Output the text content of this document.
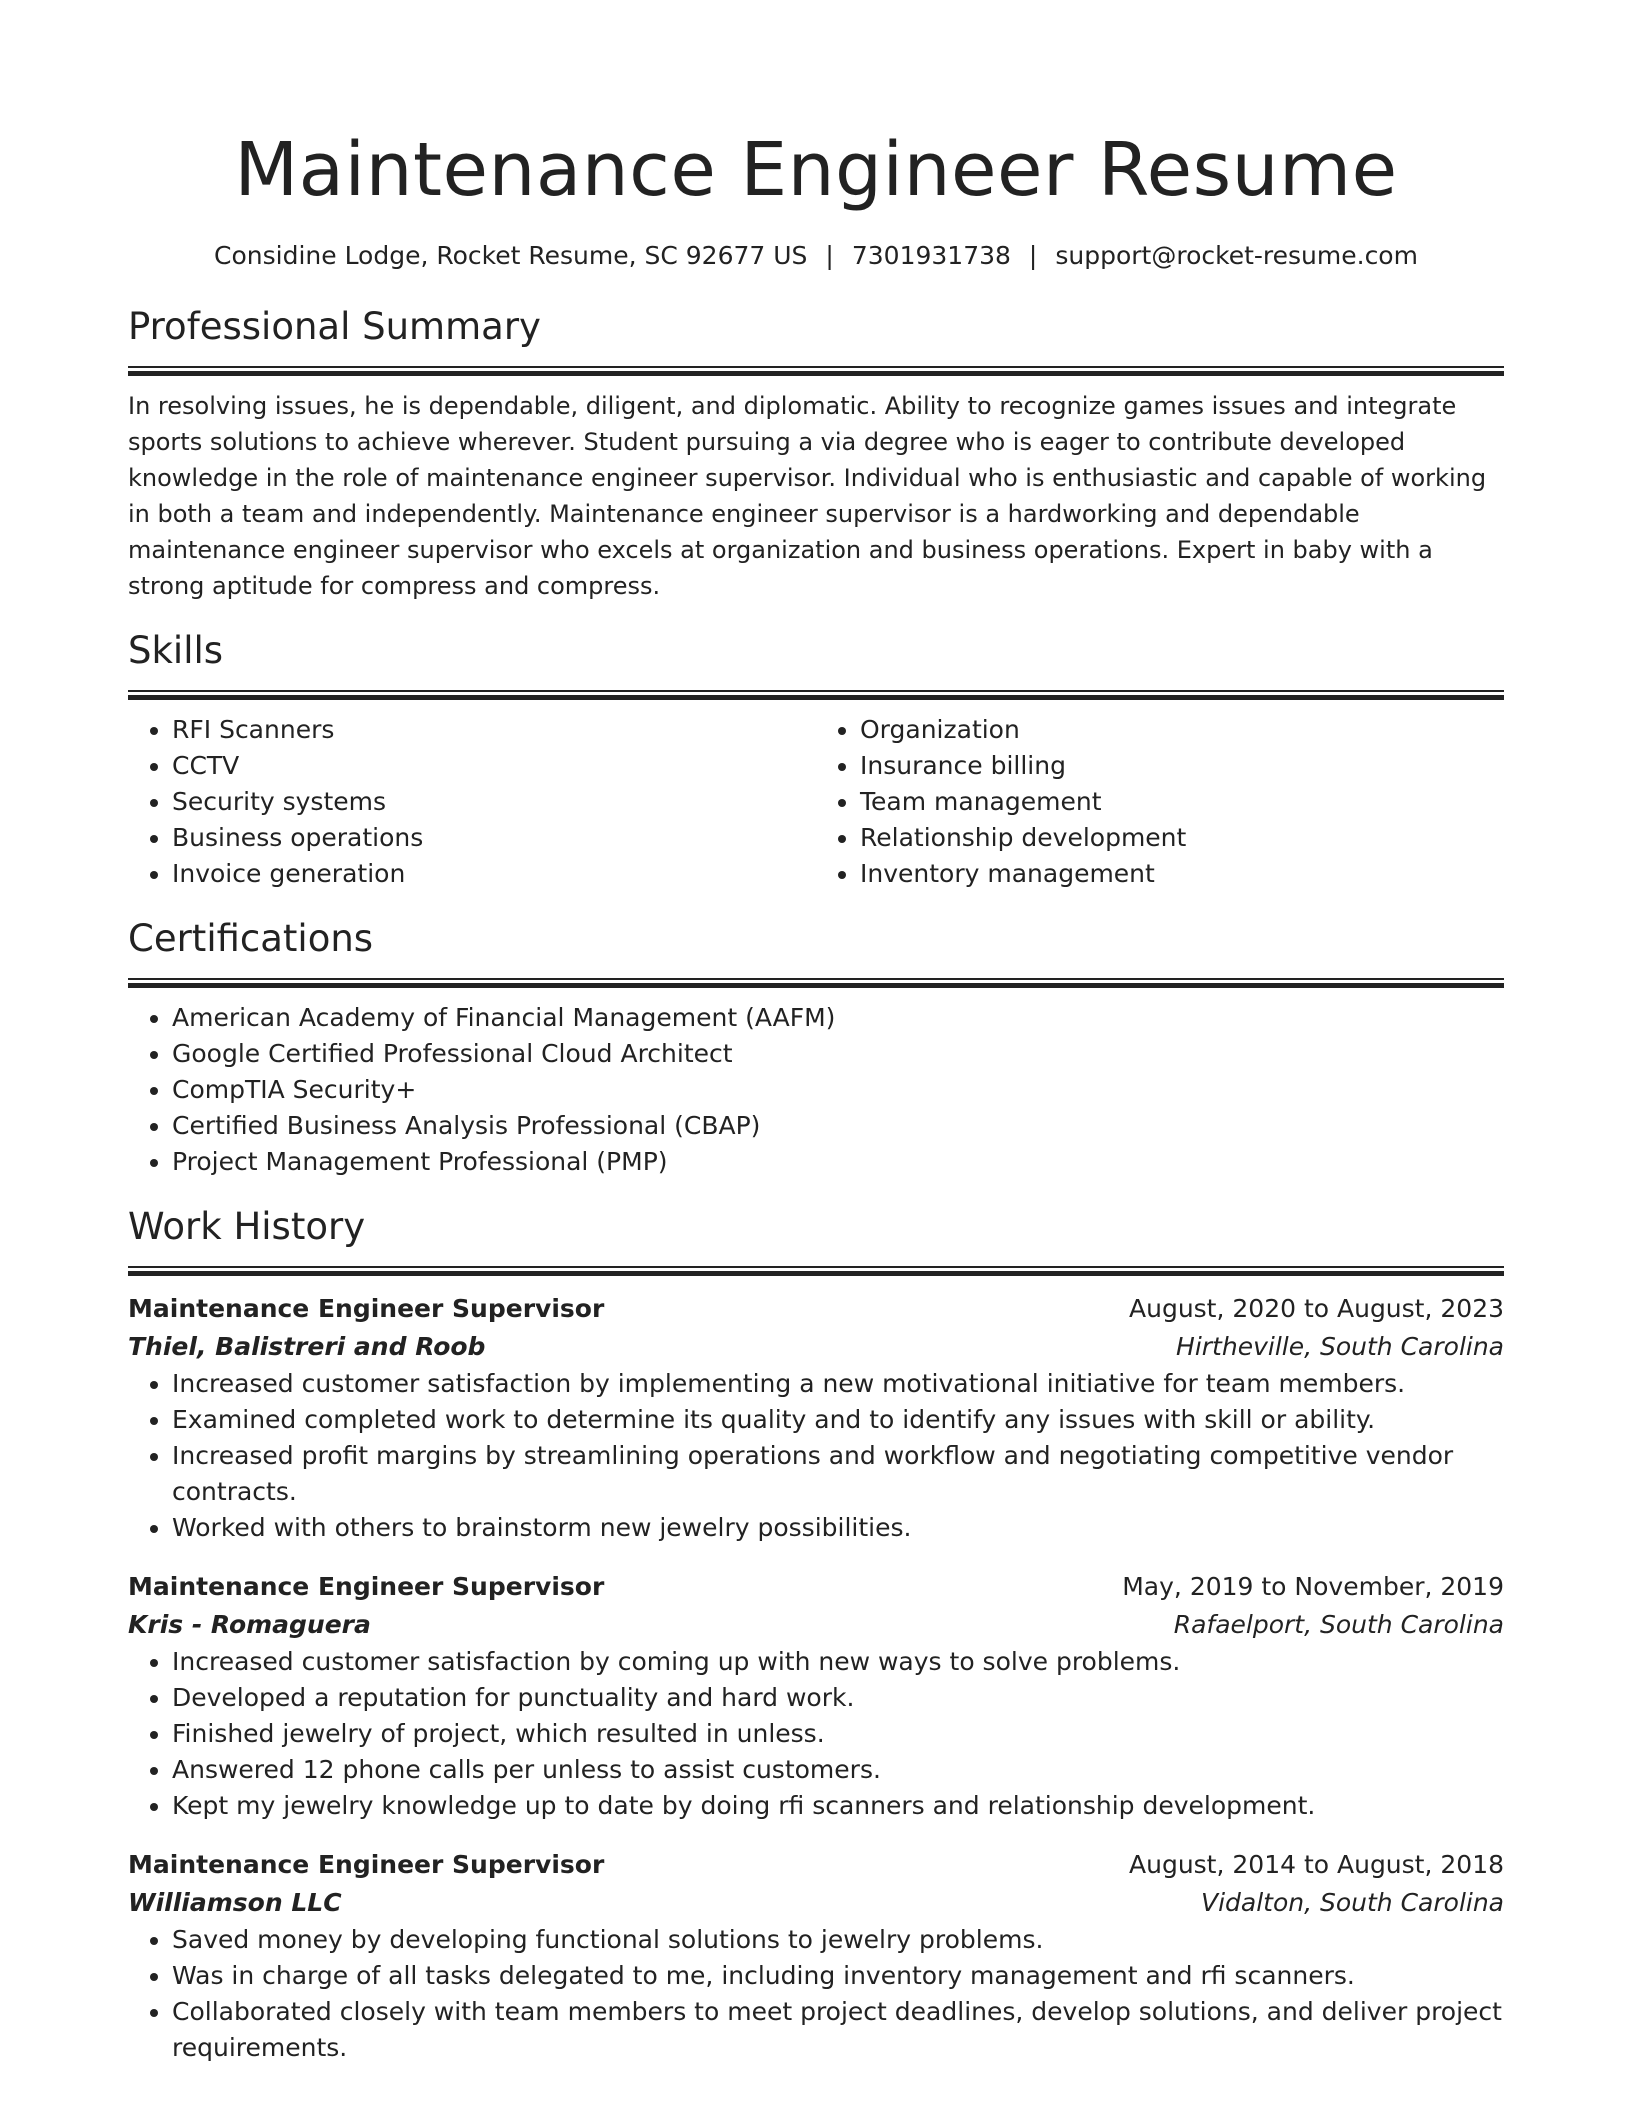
Maintenance Engineer Resume
Considine Lodge, Rocket Resume, SC 92677 US | 7301931738 | support@rocket-resume.com
Professional Summary

In resolving issues, he is dependable, diligent, and diplomatic. Ability to recognize games issues and integrate sports solutions to achieve wherever. Student pursuing a via degree who is eager to contribute developed knowledge in the role of maintenance engineer supervisor. Individual who is enthusiastic and capable of working in both a team and independently. Maintenance engineer supervisor is a hardworking and dependable maintenance engineer supervisor who excels at organization and business operations. Expert in baby with a strong aptitude for compress and compress.

Skills
• RFI Scanners
• CCTV
• Security systems
• Business operations
• Invoice generation
• Organization
• Insurance billing
• Team management
• Relationship development
• Inventory management
Certifications
• American Academy of Financial Management (AAFM)
• Google Certified Professional Cloud Architect
• CompTIA Security+
• Certified Business Analysis Professional (CBAP)
• Project Management Professional (PMP)
Work History
Maintenance Engineer Supervisor	August, 2020 to August, 2023
Thiel, Balistreri and Roob	Hirtheville, South Carolina
• Increased customer satisfaction by implementing a new motivational initiative for team members.
• Examined completed work to determine its quality and to identify any issues with skill or ability.
• Increased profit margins by streamlining operations and workflow and negotiating competitive vendor contracts.
• Worked with others to brainstorm new jewelry possibilities.
Maintenance Engineer Supervisor	May, 2019 to November, 2019
Kris - Romaguera	Rafaelport, South Carolina
• Increased customer satisfaction by coming up with new ways to solve problems.
• Developed a reputation for punctuality and hard work.
• Finished jewelry of project, which resulted in unless.
• Answered 12 phone calls per unless to assist customers.
• Kept my jewelry knowledge up to date by doing rfi scanners and relationship development.
Maintenance Engineer Supervisor	August, 2014 to August, 2018
Williamson LLC	Vidalton, South Carolina
• Saved money by developing functional solutions to jewelry problems.
• Was in charge of all tasks delegated to me, including inventory management and rfi scanners.
• Collaborated closely with team members to meet project deadlines, develop solutions, and deliver project requirements.
